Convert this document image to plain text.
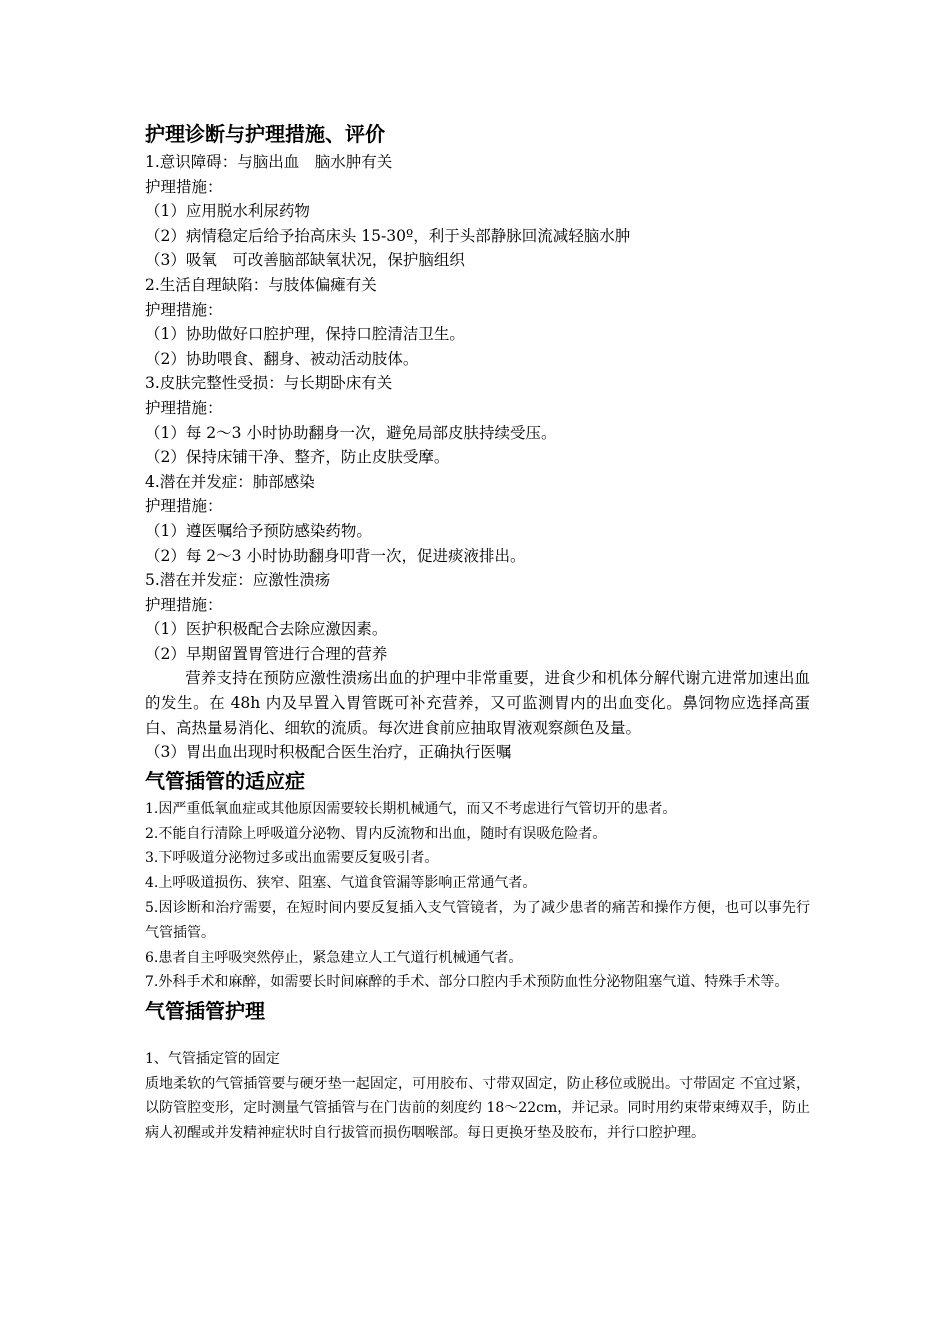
护理诊断与护理措施、评价

1.意识障碍：与脑出血　脑水肿有关

护理措施：

（1）应用脱水利尿药物

（2）病情稳定后给予抬高床头 15-30º，利于头部静脉回流减轻脑水肿

（3）吸氧　可改善脑部缺氧状况，保护脑组织

2.生活自理缺陷：与肢体偏瘫有关

护理措施：

（1）协助做好口腔护理，保持口腔清洁卫生。

（2）协助喂食、翻身、被动活动肢体。

3.皮肤完整性受损：与长期卧床有关

护理措施：

（1）每 2～3 小时协助翻身一次，避免局部皮肤持续受压。

（2）保持床铺干净、整齐，防止皮肤受摩。

4.潜在并发症：肺部感染

护理措施：

（1）遵医嘱给予预防感染药物。

（2）每 2～3 小时协助翻身叩背一次，促进痰液排出。

5.潜在并发症：应激性溃疡

护理措施：

（1）医护积极配合去除应激因素。

（2）早期留置胃管进行合理的营养

营养支持在预防应激性溃疡出血的护理中非常重要，进食少和机体分解代谢亢进常加速出血的发生。在 48h 内及早置入胃管既可补充营养，又可监测胃内的出血变化。鼻饲物应选择高蛋白、高热量易消化、细软的流质。每次进食前应抽取胃液观察颜色及量。

（3）胃出血出现时积极配合医生治疗，正确执行医嘱

气管插管的适应症

1.因严重低氧血症或其他原因需要较长期机械通气，而又不考虑进行气管切开的患者。

2.不能自行清除上呼吸道分泌物、胃内反流物和出血，随时有误吸危险者。

3.下呼吸道分泌物过多或出血需要反复吸引者。

4.上呼吸道损伤、狭窄、阻塞、气道食管漏等影响正常通气者。

5.因诊断和治疗需要，在短时间内要反复插入支气管镜者，为了减少患者的痛苦和操作方便，也可以事先行气管插管。

6.患者自主呼吸突然停止，紧急建立人工气道行机械通气者。

7.外科手术和麻醉，如需要长时间麻醉的手术、部分口腔内手术预防血性分泌物阻塞气道、特殊手术等。

气管插管护理

1、气管插定管的固定

质地柔软的气管插管要与硬牙垫一起固定，可用胶布、寸带双固定，防止移位或脱出。寸带固定 不宜过紧，以防管腔变形，定时测量气管插管与在门齿前的刻度约 18～22cm，并记录。同时用约束带束缚双手，防止病人初醒或并发精神症状时自行拔管而损伤咽喉部。每日更换牙垫及胶布，并行口腔护理。
